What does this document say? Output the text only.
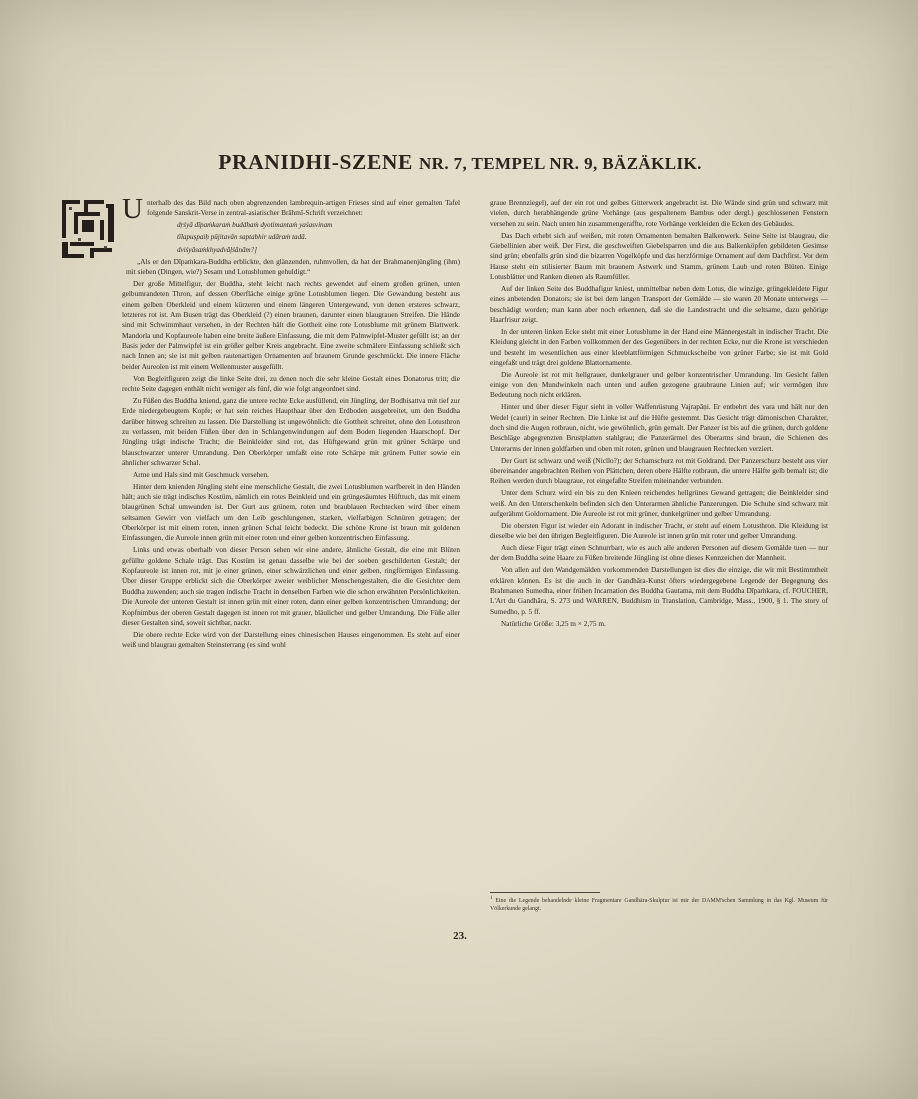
PRANIDHI-SZENE NR. 7, TEMPEL NR. 9, BÄZÄKLIK.

U nterhalb des das Bild nach oben abgrenzenden lambrequin-artigen Frieses sind auf einer gemalten Tafel folgende Sanskrit-Verse in zentral-asiatischer Brāhmī-Schrift verzeichnet:

dṛśyā dīpaṁkaraṁ buddhaṁ dyotimantaṁ yaśasvinam

tīlapuṣpaiḥ pūjitavān saptabhir udāraṁ tadā.

dviśyāsaṁkhyadvāļśānām?]

„Als er den Dīpaṁkara-Buddha erblickte, den glänzenden, ruhmvollen, da hat der Brahmanenjüngling (ihm) mit sieben (Dingen, wie?) Sesam und Lotusblumen gehuldigt.“

Der große Mittelfigur, der Buddha, steht leicht nach rechts gewendet auf einem großen grünen, unten gelbumrandeten Thron, auf dessen Oberfläche einige grüne Lotusblumen liegen. Die Gewandung besteht aus einem gelben Oberkleid und einem kürzeren und einem längeren Untergewand, von denen ersteres schwarz, letzteres rot ist. Am Busen trägt das Oberkleid (?) einen braunen, darunter einen blaugrauen Streifen. Die Hände sind mit Schwimmhaut versehen, in der Rechten hält die Gottheit eine rote Lotusblume mit grünem Blattwerk. Mandorla und Kopfaureole haben eine breite äußere Einfassung, die mit dem Palmwipfel-Muster gefüllt ist; an der Basis jeder der Palmwipfel ist ein größer gelber Kreis angebracht. Eine zweite schmälere Einfassung schließt sich nach Innen an; sie ist mit gelben rautenartigen Ornamenten auf braunem Grunde geschmückt. Die innere Fläche beider Aureolen ist mit einem Wellenmuster ausgefüllt.

Von Begleitfiguren zeigt die linke Seite drei, zu denen noch die sehr kleine Gestalt eines Donatorus tritt; die rechte Seite dagegen enthält nicht weniger als fünf, die wie folgt angeordnet sind.

Zu Füßen des Buddha kniend, ganz die untere rechte Ecke ausfüllend, ein Jüngling, der Bodhisattva mit tief zur Erde niedergebeugtem Kopfe; er hat sein reiches Haupthaar über den Erdboden ausgebreitet, um den Buddha darüber hinweg schreiten zu lassen. Die Darstellung ist ungewöhnlich: die Gottheit schreitet, ohne den Lotusthron zu verlassen, mit beiden Füßen über den in Schlangenwindungen auf dem Boden liegenden Haarschopf. Der Jüngling trägt indische Tracht; die Beinkleider sind rot, das Hüftgewand grün mit grüner Schärpe und blauschwarzer unterer Umrandung. Den Oberkörper umfaßt eine rote Schärpe mit grünem Futter sowie ein ähnlicher schwarzer Schal.

Arme und Hals sind mit Geschmuck versehen.

Hinter dem knienden Jüngling steht eine menschliche Gestalt, die zwei Lotusblumen warfbereit in den Händen hält; auch sie trägt indisches Kostüm, nämlich ein rotes Beinkleid und ein grüngesäumtes Hüfttuch, das mit einem blaugrünen Schal umwunden ist. Der Gurt aus grünem, roten und braublauen Rechtecken wird über einem seltsamen Gewirr von vielfach um den Leib geschlungenen, starken, vielfarbigen Schnüren getragen; der Oberkörper ist mit einem roten, innen grünen Schal leicht bedeckt. Die schöne Krone ist braun mit goldenen Einfassungen, die Aureole innen grün mit einer roten und einer gelben konzentrischen Einfassung.

Links und etwas oberhalb von dieser Person sehen wir eine andere, ähnliche Gestalt, die eine mit Blüten gefüllte goldene Schale trägt. Das Kostüm ist genau dasselbe wie bei der soeben geschilderten Gestalt; der Kopfaureole ist innen rot, mit je einer grünen, einer schwärzlichen und einer gelben, ringförmigen Einfassung. Über dieser Gruppe erblickt sich die Oberkörper zweier weiblicher Menschengestalten, die die Gesichter dem Buddha zuwenden; auch sie tragen indische Tracht in denselben Farben wie die schon erwähnten Persönlichkeiten. Die Aureole der unteren Gestalt ist innen grün mit einer roten, dann einer gelben konzentrischen Umrandung; der Kopfnimbus der oberen Gestalt dagegen ist innen rot mit grauer, bläulicher und gelber Umrandung. Die Füße aller dieser Gestalten sind, soweit sichtbar, nackt.

Die obere rechte Ecke wird von der Darstellung eines chinesischen Hauses eingenommen. Es steht auf einer weiß und blaugrau gemalten Steinsterrang (es sind wohl

graue Brennziegel), auf der ein rot und gelbes Gitterwerk angebracht ist. Die Wände sind grün und schwarz mit vielen, durch herabhängende grüne Vorhänge (aus gespaltenem Bambus oder dergl.) geschlossenen Fenstern versehen zu sein. Nach unten hin zusammengeraffte, rote Vorhänge verkleiden die Ecken des Gebäudes.

Das Dach erhebt sich auf weißen, mit roten Ornamenten bemalten Balkenwerk. Seine Seite ist blaugrau, die Giebellinien aber weiß. Der First, die geschweiften Giebelsparren und die aus Balkenköpfen gebildeten Gesimse sind grün; ebenfalls grün sind die bizarren Vogelköpfe und das herzförmige Ornament auf dem Dachfirst. Vor dem Hause steht ein stilisierter Baum mit braunem Astwerk und Stamm, grünem Laub und roten Blüten. Einige Lotusblätter und Ranken dienen als Raumfüller.

Auf der linken Seite des Buddhafigur kniest, unmittelbar neben dem Lotus, die winzige, grüngekleidete Figur eines anbetenden Donators; sie ist bei dem langen Transport der Gemälde — sie waren 20 Monate unterwegs — beschädigt worden; man kann aber noch erkennen, daß sie die Landestracht und die seltsame, dazu gehörige Haarfrisur zeigt.

In der unteren linken Ecke steht mit einer Lotusblume in der Hand eine Männergestalt in indischer Tracht. Die Kleidung gleicht in den Farben vollkommen der des Gegenübers in der rechten Ecke, nur die Krone ist verschieden und besteht im wesentlichen aus einer kleeblattförmigen Schmuckscheibe von grüner Farbe; sie ist mit Gold eingefaßt und trägt drei goldene Blattornamente.

Die Aureole ist rot mit hellgrauer, dunkelgrauer und gelber konzentrischer Umrandung. Im Gesicht fallen einige von den Mundwinkeln nach unten und außen gezogene graubraune Linien auf; wir vermögen ihre Bedeutung noch nicht erklären.

Hinter und über dieser Figur sieht in voller Waffenrüstung Vajrapāṇi. Er entbehrt des vara und hält nur den Wedel (cauri) in seiner Rechten. Die Linke ist auf die Hüfte gestemmt. Das Gesicht trägt dämonischen Charakter, doch sind die Augen rotbraun, nicht, wie gewöhnlich, grün gemalt. Der Panzer ist bis auf die grünen, durch goldene Beschläge abgegrenzten Brustplatten stahlgrau; die Panzerärmel des Oberarms sind braun, die Schienen des Unterarms der innen goldfarben und oben mit roten, grünen und blaugrauen Rechtecken verziert.

Der Gurt ist schwarz und weiß (Nicllo?); der Schamschurz rot mit Goldrand. Der Panzerschurz besteht aus vier übereinander angebrachten Reihen von Plättchen, deren obere Hälfte rotbraun, die untere Hälfte gelb bemalt ist; die Reihen werden durch blaugraue, rot eingefaßte Streifen miteinander verbunden.

Unter dem Schurz wird ein bis zu den Knieen reichendes hellgrünes Gewand getragen; die Beinkleider sind weiß. An den Unterschenkeln befinden sich den Unterarmen ähnliche Panzerungen. Die Schuhe sind schwarz mit aufgerähmt Goldornament. Die Aureole ist rot mit grüner, dunkelgrüner und gelber Umrandung.

Die obersten Figur ist wieder ein Adorant in indischer Tracht, er steht auf einem Lotusthron. Die Kleidung ist dieselbe wie bei den übrigen Begleitfiguren. Die Aureole ist innen grün mit roter und gelber Umrandung.

Auch diese Figur trägt einen Schnurrbart, wie es auch alle anderen Personen auf diesem Gemälde tuen — nur der dem Buddha seine Haare zu Füßen breitende Jüngling ist ohne dieses Kennzeichen der Mannheit.

Von allen auf den Wandgemälden vorkommenden Darstellungen ist dies die einzige, die wir mit Bestimmtheit erklären können. Es ist die auch in der Gandhāra-Kunst öfters wiedergegebene Legende der Begegnung des Brahmanen Sumedha, einer frühen Incarnation des Buddha Gautama, mit dem Buddha Dīpaṁkara, cf. FOUCHER, L'Art du Gandhāra, S. 273 und WARREN, Buddhism in Translation, Cambridge, Mass., 1900, § 1. The story of Sumedho, p. 5 ff.

Natürliche Größe: 3,25 m × 2,75 m.

$^1$ Eine die Legende behandelnde kleine Fragmentare Gandhāra-Skulptur ist mir der DAMM'schen Sammlung in das Kgl. Museum für Völkerkunde gelangt.
23.
